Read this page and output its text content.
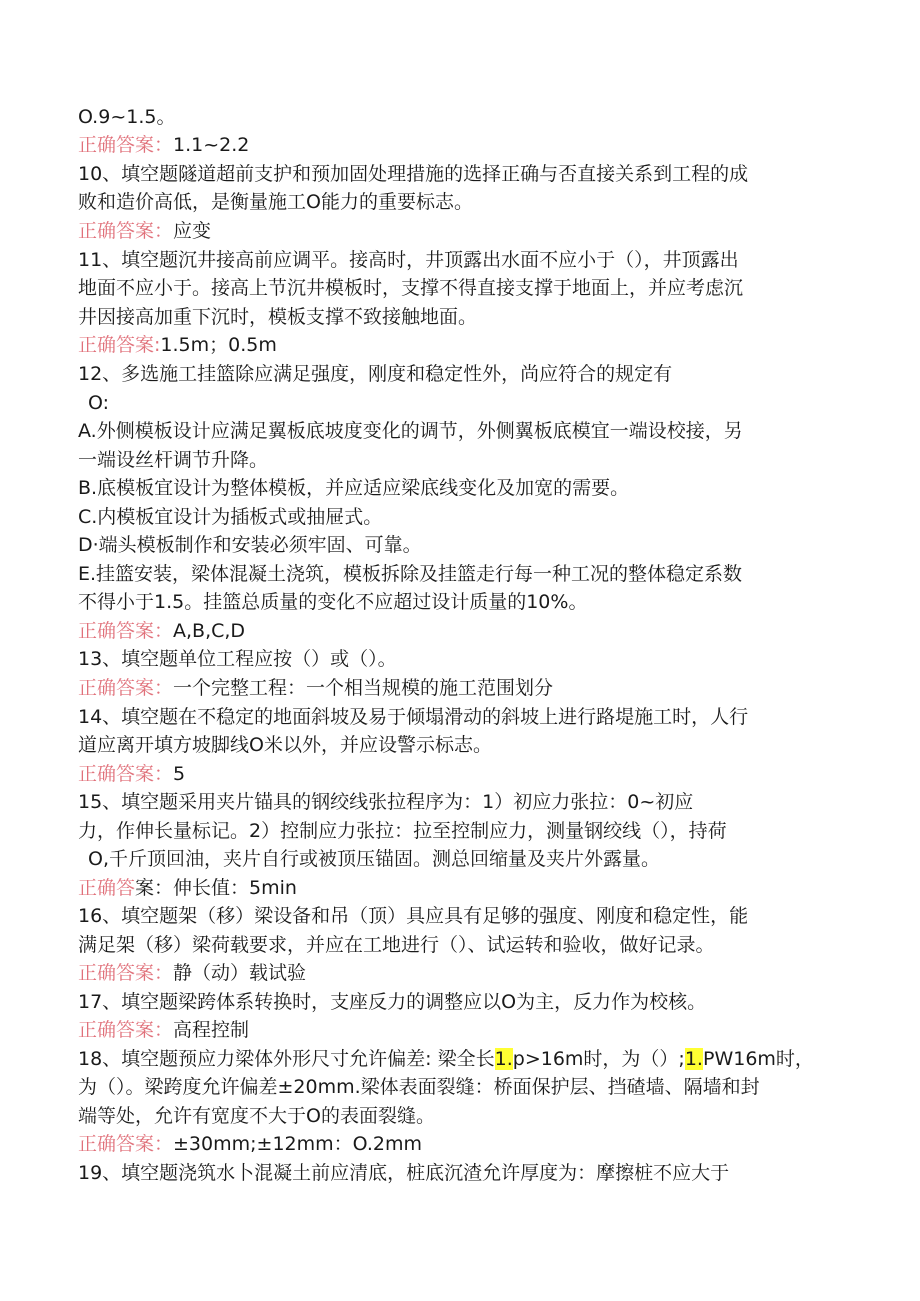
O.9~1.5。
正确答案：1.1~2.2
10、填空题隧道超前支护和预加固处理措施的选择正确与否直接关系到工程的成
败和造价高低，是衡量施工O能力的重要标志。
正确答案：应变
11、填空题沉井接高前应调平。接高时，井顶露出水面不应小于（），井顶露出
地面不应小于。接高上节沉井模板时，支撑不得直接支撑于地面上，并应考虑沉
井因接高加重下沉时，模板支撑不致接触地面。
正确答案:1.5m；0.5m
12、多选施工挂篮除应满足强度，刚度和稳定性外，尚应符合的规定有
O:
A.外侧模板设计应满足翼板底坡度变化的调节，外侧翼板底模宜一端设校接，另
一端设丝杆调节升降。
B.底模板宜设计为整体模板，并应适应梁底线变化及加宽的需要。
C.内模板宜设计为插板式或抽屉式。
D·端头模板制作和安装必须牢固、可靠。
E.挂篮安装，梁体混凝土浇筑，模板拆除及挂篮走行每一种工况的整体稳定系数
不得小于1.5。挂篮总质量的变化不应超过设计质量的10%。
正确答案：A,B,C,D
13、填空题单位工程应按（）或（）。
正确答案：一个完整工程：一个相当规模的施工范围划分
14、填空题在不稳定的地面斜坡及易于倾塌滑动的斜坡上进行路堤施工时，人行
道应离开填方坡脚线O米以外，并应设警示标志。
正确答案：5
15、填空题采用夹片锚具的钢绞线张拉程序为：1）初应力张拉：0~初应
力，作伸长量标记。2）控制应力张拉：拉至控制应力，测量钢绞线（），持荷
O,千斤顶回油，夹片自行或被顶压锚固。测总回缩量及夹片外露量。
正确答案：伸长值：5min
16、填空题架（移）梁设备和吊（顶）具应具有足够的强度、刚度和稳定性，能
满足架（移）梁荷载要求，并应在工地进行（）、试运转和验收，做好记录。
正确答案：静（动）载试验
17、填空题梁跨体系转换时，支座反力的调整应以O为主，反力作为校核。
正确答案：高程控制
18、填空题预应力梁体外形尺寸允许偏差: 梁全长1.p>16m时，为（）;1.PW16m时，
为（）。梁跨度允许偏差±20mm.梁体表面裂缝：桥面保护层、挡碴墙、隔墙和封
端等处，允许有宽度不大于O的表面裂缝。
正确答案：±30mm;±12mm：O.2mm
19、填空题浇筑水卜混凝土前应清底，桩底沉渣允许厚度为：摩擦桩不应大于
